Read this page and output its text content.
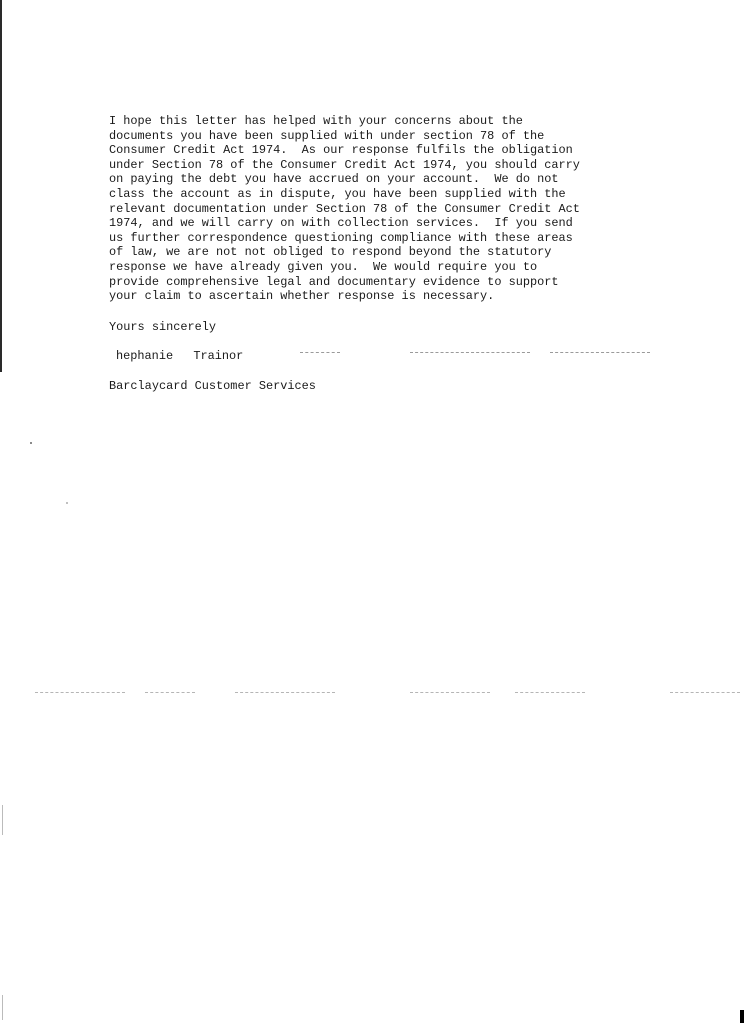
I hope this letter has helped with your concerns about the
documents you have been supplied with under section 78 of the
Consumer Credit Act 1974.  As our response fulfils the obligation
under Section 78 of the Consumer Credit Act 1974, you should carry
on paying the debt you have accrued on your account.  We do not
class the account as in dispute, you have been supplied with the
relevant documentation under Section 78 of the Consumer Credit Act
1974, and we will carry on with collection services.  If you send
us further correspondence questioning compliance with these areas
of law, we are not not obliged to respond beyond the statutory
response we have already given you.  We would require you to
provide comprehensive legal and documentary evidence to support
your claim to ascertain whether response is necessary.
Yours sincerely
hephanie  Trainor
Barclaycard Customer Services
